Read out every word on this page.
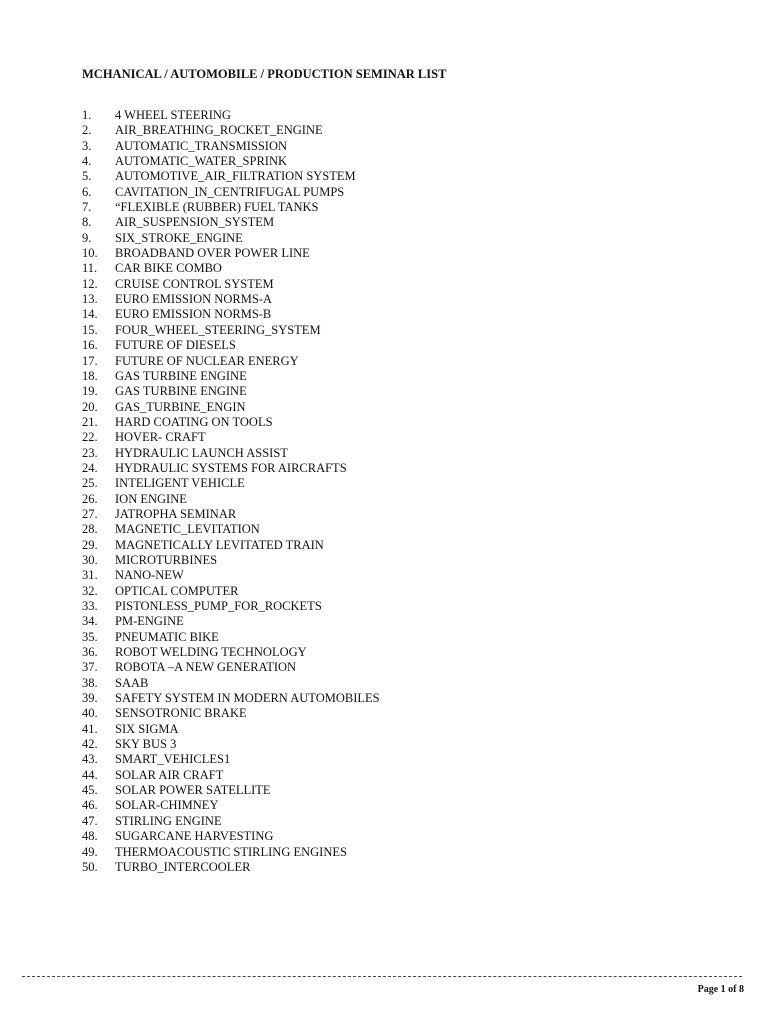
MCHANICAL / AUTOMOBILE / PRODUCTION SEMINAR LIST
1.	4 WHEEL STEERING
2.	AIR_BREATHING_ROCKET_ENGINE
3.	AUTOMATIC_TRANSMISSION
4.	AUTOMATIC_WATER_SPRINK
5.	AUTOMOTIVE_AIR_FILTRATION SYSTEM
6.	CAVITATION_IN_CENTRIFUGAL PUMPS
7.	“FLEXIBLE (RUBBER) FUEL TANKS
8.	AIR_SUSPENSION_SYSTEM
9.	SIX_STROKE_ENGINE
10.	BROADBAND OVER POWER LINE
11.	CAR BIKE COMBO
12.	CRUISE CONTROL SYSTEM
13.	EURO EMISSION NORMS-A
14.	EURO EMISSION NORMS-B
15.	FOUR_WHEEL_STEERING_SYSTEM
16.	FUTURE OF DIESELS
17.	FUTURE OF NUCLEAR ENERGY
18.	GAS TURBINE ENGINE
19.	GAS TURBINE ENGINE
20.	GAS_TURBINE_ENGIN
21.	HARD COATING ON TOOLS
22.	HOVER- CRAFT
23.	HYDRAULIC LAUNCH ASSIST
24.	HYDRAULIC SYSTEMS FOR AIRCRAFTS
25.	INTELIGENT VEHICLE
26.	ION ENGINE
27.	JATROPHA SEMINAR
28.	MAGNETIC_LEVITATION
29.	MAGNETICALLY LEVITATED TRAIN
30.	MICROTURBINES
31.	NANO-NEW
32.	OPTICAL COMPUTER
33.	PISTONLESS_PUMP_FOR_ROCKETS
34.	PM-ENGINE
35.	PNEUMATIC BIKE
36.	ROBOT WELDING TECHNOLOGY
37.	ROBOTA –A NEW GENERATION
38.	SAAB
39.	SAFETY SYSTEM IN MODERN AUTOMOBILES
40.	SENSOTRONIC BRAKE
41.	SIX SIGMA
42.	SKY BUS 3
43.	SMART_VEHICLES1
44.	SOLAR AIR CRAFT
45.	SOLAR POWER SATELLITE
46.	SOLAR-CHIMNEY
47.	STIRLING ENGINE
48.	SUGARCANE HARVESTING
49.	THERMOACOUSTIC STIRLING ENGINES
50.	TURBO_INTERCOOLER
Page 1 of 8
